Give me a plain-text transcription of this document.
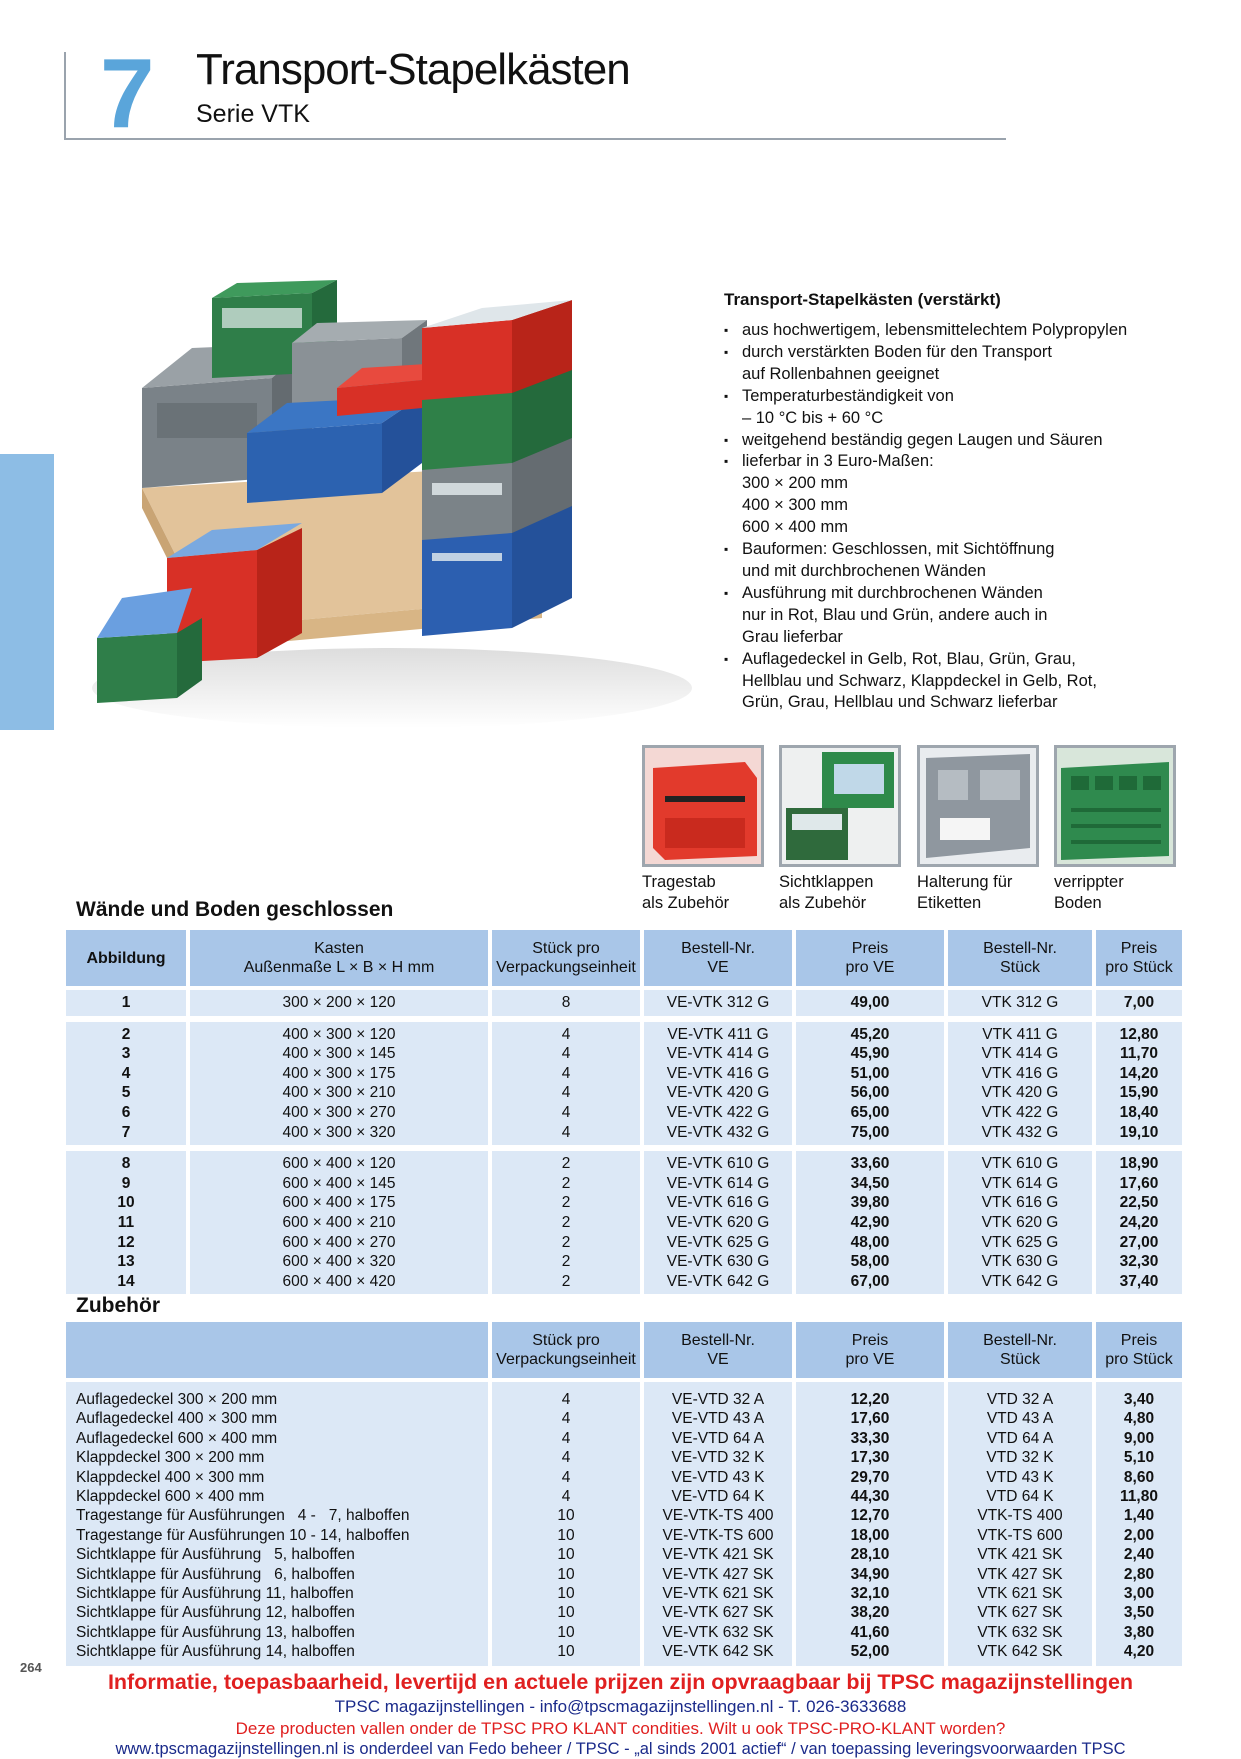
7 Transport-Stapelkästen
Serie VTK
Transport-Stapelkästen (verstärkt)
▪ aus hochwertigem, lebensmittelechtem Polypropylen
▪ durch verstärkten Boden für den Transport
auf Rollenbahnen geeignet
▪ Temperaturbeständigkeit von
– 10 °C bis + 60 °C
▪ weitgehend beständig gegen Laugen und Säuren
▪ lieferbar in 3 Euro-Maßen:
300 × 200 mm
400 × 300 mm
600 × 400 mm
▪ Bauformen: Geschlossen, mit Sichtöffnung
und mit durchbrochenen Wänden
▪ Ausführung mit durchbrochenen Wänden
nur in Rot, Blau und Grün, andere auch in
Grau lieferbar
▪ Auflagedeckel in Gelb, Rot, Blau, Grün, Grau,
Hellblau und Schwarz, Klappdeckel in Gelb, Rot,
Grün, Grau, Hellblau und Schwarz lieferbar
Tragestab
als Zubehör
Sichtklappen
als Zubehör
Halterung für
Etiketten
verrippter
Boden
Wände und Boden geschlossen
Abbildung
Kasten
Außenmaße L × B × H mm
Stück pro
Verpackungseinheit
Bestell-Nr.
VE
Preis
pro VE
Bestell-Nr.
Stück
Preis
pro Stück
1	300 × 200 × 120	8	VE-VTK 312 G	49,00	VTK 312 G	7,00
2	400 × 300 × 120	4	VE-VTK 411 G	45,20	VTK 411 G	12,80
3	400 × 300 × 145	4	VE-VTK 414 G	45,90	VTK 414 G	11,70
4	400 × 300 × 175	4	VE-VTK 416 G	51,00	VTK 416 G	14,20
5	400 × 300 × 210	4	VE-VTK 420 G	56,00	VTK 420 G	15,90
6	400 × 300 × 270	4	VE-VTK 422 G	65,00	VTK 422 G	18,40
7	400 × 300 × 320	4	VE-VTK 432 G	75,00	VTK 432 G	19,10
8	600 × 400 × 120	2	VE-VTK 610 G	33,60	VTK 610 G	18,90
9	600 × 400 × 145	2	VE-VTK 614 G	34,50	VTK 614 G	17,60
10	600 × 400 × 175	2	VE-VTK 616 G	39,80	VTK 616 G	22,50
11	600 × 400 × 210	2	VE-VTK 620 G	42,90	VTK 620 G	24,20
12	600 × 400 × 270	2	VE-VTK 625 G	48,00	VTK 625 G	27,00
13	600 × 400 × 320	2	VE-VTK 630 G	58,00	VTK 630 G	32,30
14	600 × 400 × 420	2	VE-VTK 642 G	67,00	VTK 642 G	37,40
Zubehör
Stück pro
Verpackungseinheit
Bestell-Nr.
VE
Preis
pro VE
Bestell-Nr.
Stück
Preis
pro Stück
Auflagedeckel 300 × 200 mm	4	VE-VTD 32 A	12,20	VTD 32 A	3,40
Auflagedeckel 400 × 300 mm	4	VE-VTD 43 A	17,60	VTD 43 A	4,80
Auflagedeckel 600 × 400 mm	4	VE-VTD 64 A	33,30	VTD 64 A	9,00
Klappdeckel 300 × 200 mm	4	VE-VTD 32 K	17,30	VTD 32 K	5,10
Klappdeckel 400 × 300 mm	4	VE-VTD 43 K	29,70	VTD 43 K	8,60
Klappdeckel 600 × 400 mm	4	VE-VTD 64 K	44,30	VTD 64 K	11,80
Tragestange für Ausführungen   4 -   7, halboffen	10	VE-VTK-TS 400	12,70	VTK-TS 400	1,40
Tragestange für Ausführungen 10 - 14, halboffen	10	VE-VTK-TS 600	18,00	VTK-TS 600	2,00
Sichtklappe für Ausführung   5, halboffen	10	VE-VTK 421 SK	28,10	VTK 421 SK	2,40
Sichtklappe für Ausführung   6, halboffen	10	VE-VTK 427 SK	34,90	VTK 427 SK	2,80
Sichtklappe für Ausführung 11, halboffen	10	VE-VTK 621 SK	32,10	VTK 621 SK	3,00
Sichtklappe für Ausführung 12, halboffen	10	VE-VTK 627 SK	38,20	VTK 627 SK	3,50
Sichtklappe für Ausführung 13, halboffen	10	VE-VTK 632 SK	41,60	VTK 632 SK	3,80
Sichtklappe für Ausführung 14, halboffen	10	VE-VTK 642 SK	52,00	VTK 642 SK	4,20
264
Informatie, toepasbaarheid, levertijd en actuele prijzen zijn opvraagbaar bij TPSC magazijnstellingen
TPSC magazijnstellingen - info@tpscmagazijnstellingen.nl - T. 026-3633688
Deze producten vallen onder de TPSC PRO KLANT condities. Wilt u ook TPSC-PRO-KLANT worden?
www.tpscmagazijnstellingen.nl is onderdeel van Fedo beheer / TPSC - „al sinds 2001 actief“ / van toepassing leveringsvoorwaarden TPSC
